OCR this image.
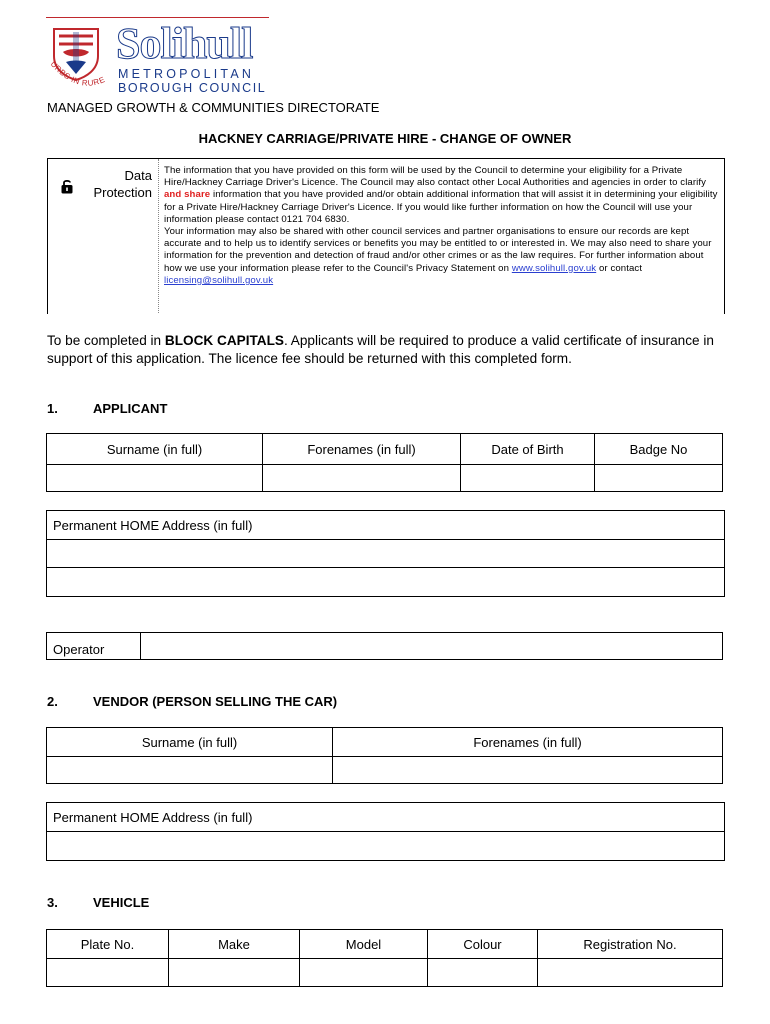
URBS IN RURE
Solihull
METROPOLITAN
BOROUGH COUNCIL
MANAGED GROWTH & COMMUNITIES DIRECTORATE
HACKNEY CARRIAGE/PRIVATE HIRE - CHANGE OF OWNER
Data
Protection
The information that you have provided on this form will be used by the Council to determine your eligibility for a Private Hire/Hackney Carriage Driver's Licence. The Council may also contact other Local Authorities and agencies in order to clarify and share information that you have provided and/or obtain additional information that will assist it in determining your eligibility for a Private Hire/Hackney Carriage Driver's Licence. If you would like further information on how the Council will use your information please contact 0121 704 6830.
Your information may also be shared with other council services and partner organisations to ensure our records are kept accurate and to help us to identify services or benefits you may be entitled to or interested in. We may also need to share your information for the prevention and detection of fraud and/or other crimes or as the law requires. For further information about how we use your information please refer to the Council's Privacy Statement on www.solihull.gov.uk or contact licensing@solihull.gov.uk
To be completed in BLOCK CAPITALS. Applicants will be required to produce a valid certificate of insurance in support of this application. The licence fee should be returned with this completed form.
1.	APPLICANT
Surname (in full)	Forenames (in full)	Date of Birth	Badge No

Permanent HOME Address (in full)
Operator	
2.	VENDOR (PERSON SELLING THE CAR)
Surname (in full)	Forenames (in full)

Permanent HOME Address (in full)
3.	VEHICLE
Plate No.	Make	Model	Colour	Registration No.
